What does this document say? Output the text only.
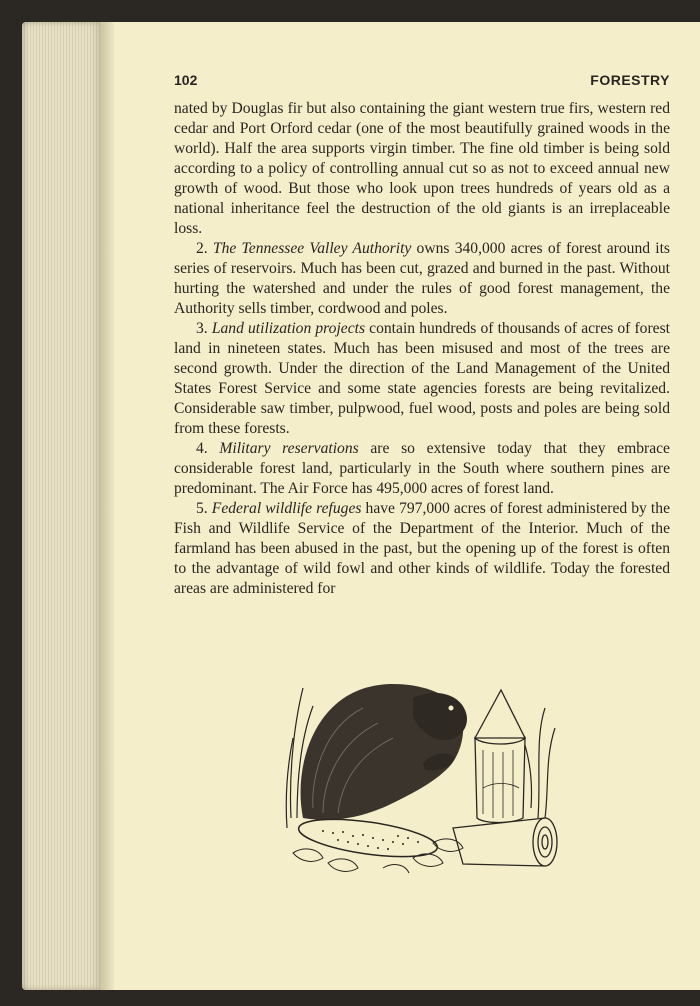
102	FORESTRY

nated by Douglas fir but also containing the giant western true firs, western red cedar and Port Orford cedar (one of the most beautifully grained woods in the world). Half the area supports virgin timber. The fine old timber is being sold according to a policy of controlling annual cut so as not to exceed annual new growth of wood. But those who look upon trees hundreds of years old as a national inheritance feel the destruction of the old giants is an irreplaceable loss.

2. The Tennessee Valley Authority owns 340,000 acres of forest around its series of reservoirs. Much has been cut, grazed and burned in the past. Without hurting the watershed and under the rules of good forest management, the Authority sells timber, cordwood and poles.

3. Land utilization projects contain hundreds of thousands of acres of forest land in nineteen states. Much has been misused and most of the trees are second growth. Under the direction of the Land Management of the United States Forest Service and some state agencies forests are being revitalized. Considerable saw timber, pulpwood, fuel wood, posts and poles are being sold from these forests.

4. Military reservations are so extensive today that they embrace considerable forest land, particularly in the South where southern pines are predominant. The Air Force has 495,000 acres of forest land.

5. Federal wildlife refuges have 797,000 acres of forest administered by the Fish and Wildlife Service of the Department of the Interior. Much of the farmland has been abused in the past, but the opening up of the forest is often to the advantage of wild fowl and other kinds of wildlife. Today the forested areas are administered for
